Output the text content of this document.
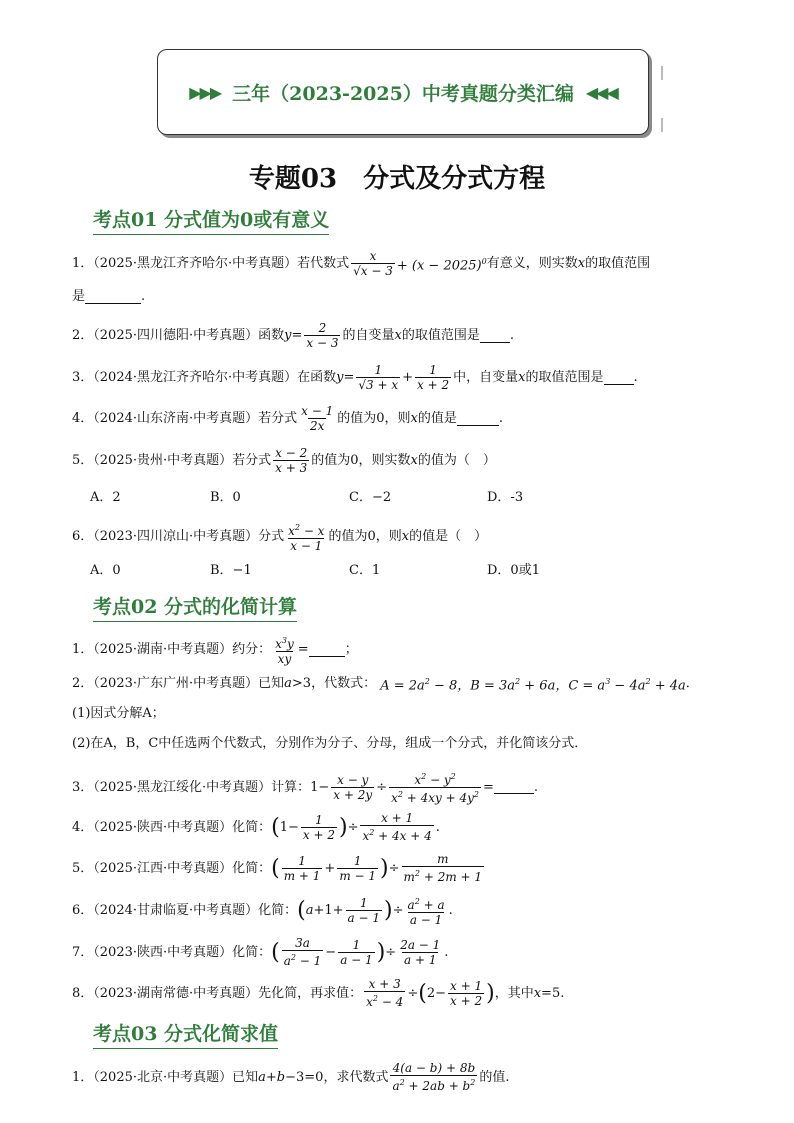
▶▶▶ 三年（2023-2025）中考真题分类汇编 ◀◀◀
专题03　分式及分式方程
考点01 分式值为0或有意义
1．（2025·黑龙江齐齐哈尔·中考真题）若代数式 $\frac{x}{√x - 3} + (x - 2025)^0$ 有意义，则实数 x 的取值范围
是	.
2．（2025·四川德阳·中考真题）函数 $y = \frac{2}{x - 3}$ 的自变量 x 的取值范围是 .
3．（2024·黑龙江齐齐哈尔·中考真题）在函数 $y = \frac{1}{√3 + x} + \frac{1}{x + 2}$ 中，自变量 x 的取值范围是 .
4．（2024·山东济南·中考真题）若分式 $\frac{x - 1}{2x}$ 的值为0，则 x 的值是	.
5．（2025·贵州·中考真题）若分式 $\frac{x - 2}{x + 3}$ 的值为0，则实数 x 的值为（　）
A．2	B．0	C．−2	D．-3
6．（2023·四川凉山·中考真题）分式 $\frac{x^2 - x}{x - 1}$ 的值为0，则 x 的值是（　）
A．0	B．−1	C．1	D．0或1
考点02 分式的化简计算
1．（2025·湖南·中考真题）约分： $\frac{x^3y}{xy}$ =	；
2．（2023·广东广州·中考真题）已知 a >3 ，代数式： $A = 2a^2 - 8$，$B = 3a^2 + 6a$，$C = a^3 - 4a^2 + 4a$ ．
(1)因式分解A；
(2)在A，B，C中任选两个代数式，分别作为分子、分母，组成一个分式，并化简该分式．
3．（2025·黑龙江绥化·中考真题）计算： $1- \frac{x - y}{x + 2y} \div \frac{x^2 - y^2}{x^2 + 4xy + 4y^2}$ =	.
4．（2025·陕西·中考真题）化简： ( $1- \frac{1}{x + 2}$ ) ÷ $\frac{x + 1}{x^2 + 4x + 4}$ .
5．（2025·江西·中考真题）化简： ( $\frac{1}{m + 1} + \frac{1}{m - 1}$ ) ÷ $\frac{m}{m^2 + 2m + 1}$
6．（2024·甘肃临夏·中考真题）化简： ( $a +1+ \frac{1}{a - 1}$ ) ÷ $\frac{a^2 + a}{a - 1}$ .
7．（2023·陕西·中考真题）化简： ( $\frac{3a}{a^2 - 1} - \frac{1}{a - 1}$ ) ÷ $\frac{2a - 1}{a + 1}$ .
8．（2023·湖南常德·中考真题）先化简，再求值： $\frac{x + 3}{x^2 - 4}$ ÷ ( $2- \frac{x + 1}{x + 2}$ ) ，其中 x =5 .
考点03 分式化简求值
1．（2025·北京·中考真题）已知 a + b −3=0 ，求代数式 $\frac{4(a - b) + 8b}{a^2 + 2ab + b^2}$ 的值.
